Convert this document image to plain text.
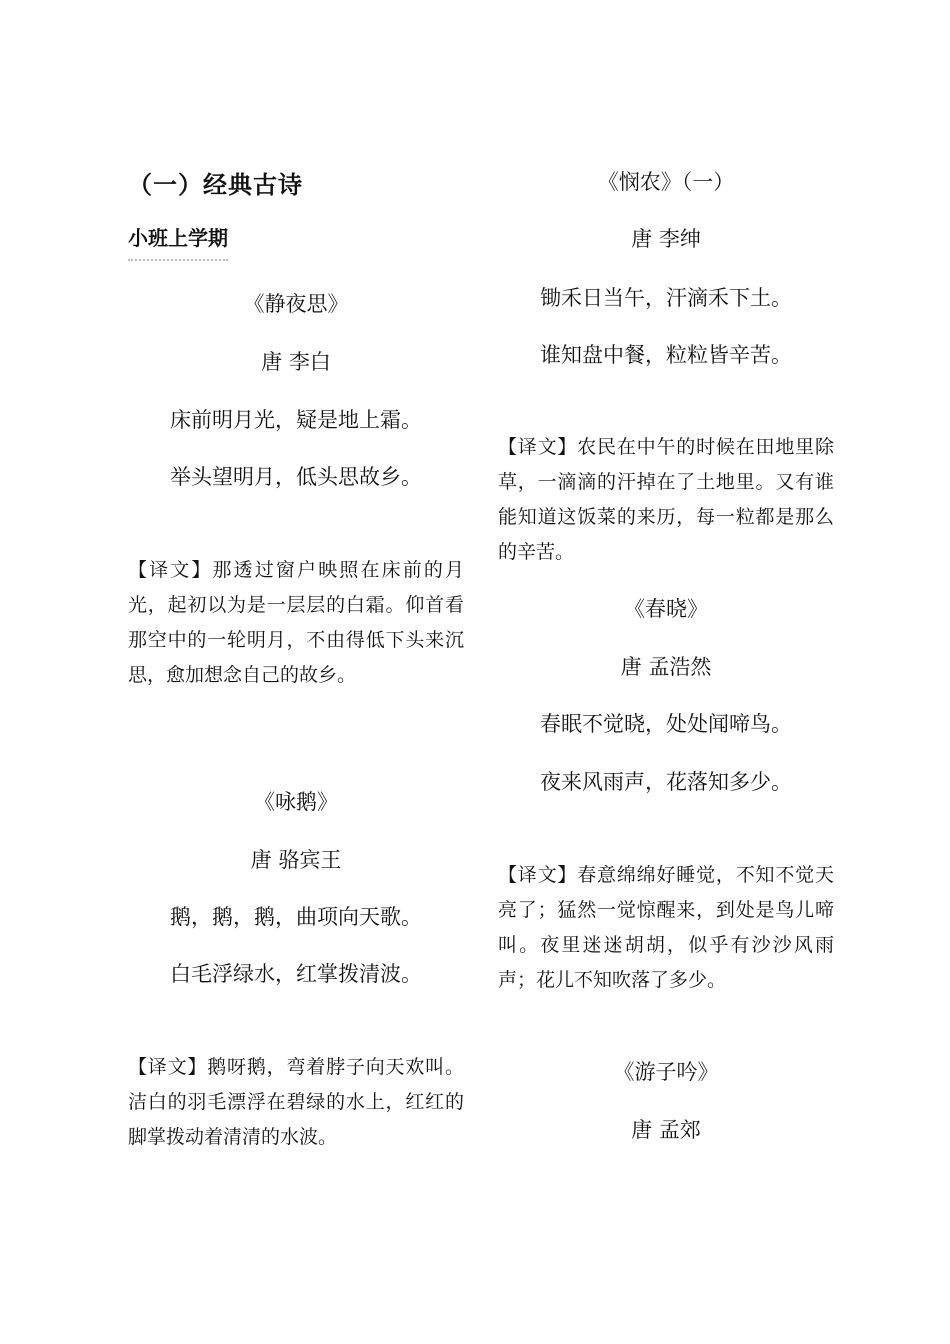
（一）经典古诗
小班上学期
《静夜思》
唐 李白
床前明月光，疑是地上霜。
举头望明月，低头思故乡。
【译文】那透过窗户映照在床前的月光，起初以为是一层层的白霜。仰首看那空中的一轮明月，不由得低下头来沉思，愈加想念自己的故乡。
《咏鹅》
唐 骆宾王
鹅，鹅，鹅，曲项向天歌。
白毛浮绿水，红掌拨清波。
【译文】鹅呀鹅，弯着脖子向天欢叫。洁白的羽毛漂浮在碧绿的水上，红红的脚掌拨动着清清的水波。
《悯农》（一）
唐 李绅
锄禾日当午，汗滴禾下土。
谁知盘中餐，粒粒皆辛苦。
【译文】农民在中午的时候在田地里除草，一滴滴的汗掉在了土地里。又有谁能知道这饭菜的来历，每一粒都是那么的辛苦。
《春晓》
唐 孟浩然
春眠不觉晓，处处闻啼鸟。
夜来风雨声，花落知多少。
【译文】春意绵绵好睡觉，不知不觉天亮了；猛然一觉惊醒来，到处是鸟儿啼叫。夜里迷迷胡胡，似乎有沙沙风雨声；花儿不知吹落了多少。
《游子吟》
唐 孟郊
